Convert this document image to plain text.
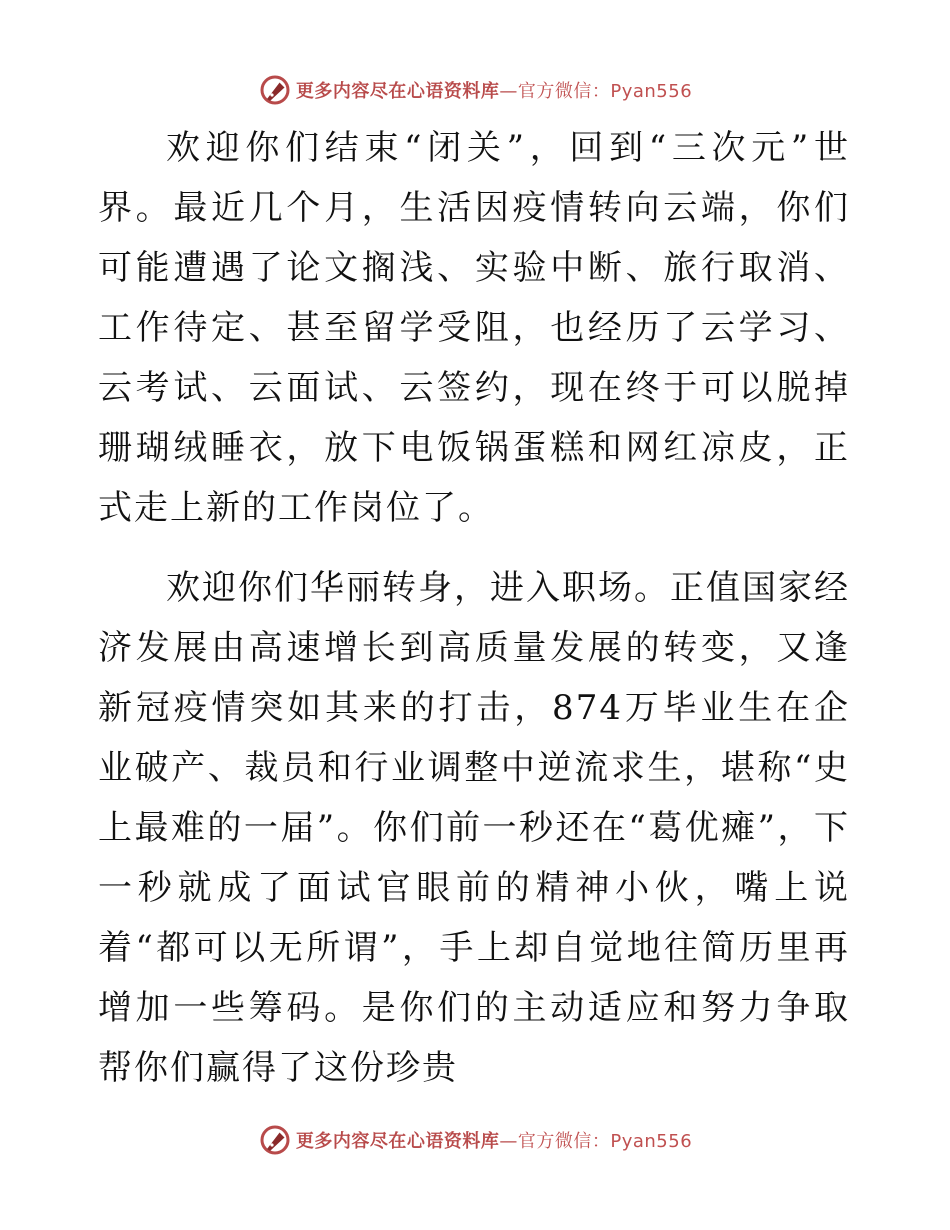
更多内容尽在心语资料库—官方微信：Pyan556

欢迎你们结束“闭关”，回到“三次元”世界。最近几个月，生活因疫情转向云端，你们可能遭遇了论文搁浅、实验中断、旅行取消、工作待定、甚至留学受阻，也经历了云学习、云考试、云面试、云签约，现在终于可以脱掉珊瑚绒睡衣，放下电饭锅蛋糕和网红凉皮，正式走上新的工作岗位了。

欢迎你们华丽转身，进入职场。正值国家经济发展由高速增长到高质量发展的转变，又逢新冠疫情突如其来的打击，874万毕业生在企业破产、裁员和行业调整中逆流求生，堪称“史上最难的一届”。你们前一秒还在“葛优瘫”，下一秒就成了面试官眼前的精神小伙，嘴上说着“都可以无所谓”，手上却自觉地往简历里再增加一些筹码。是你们的主动适应和努力争取帮你们赢得了这份珍贵

更多内容尽在心语资料库—官方微信：Pyan556
